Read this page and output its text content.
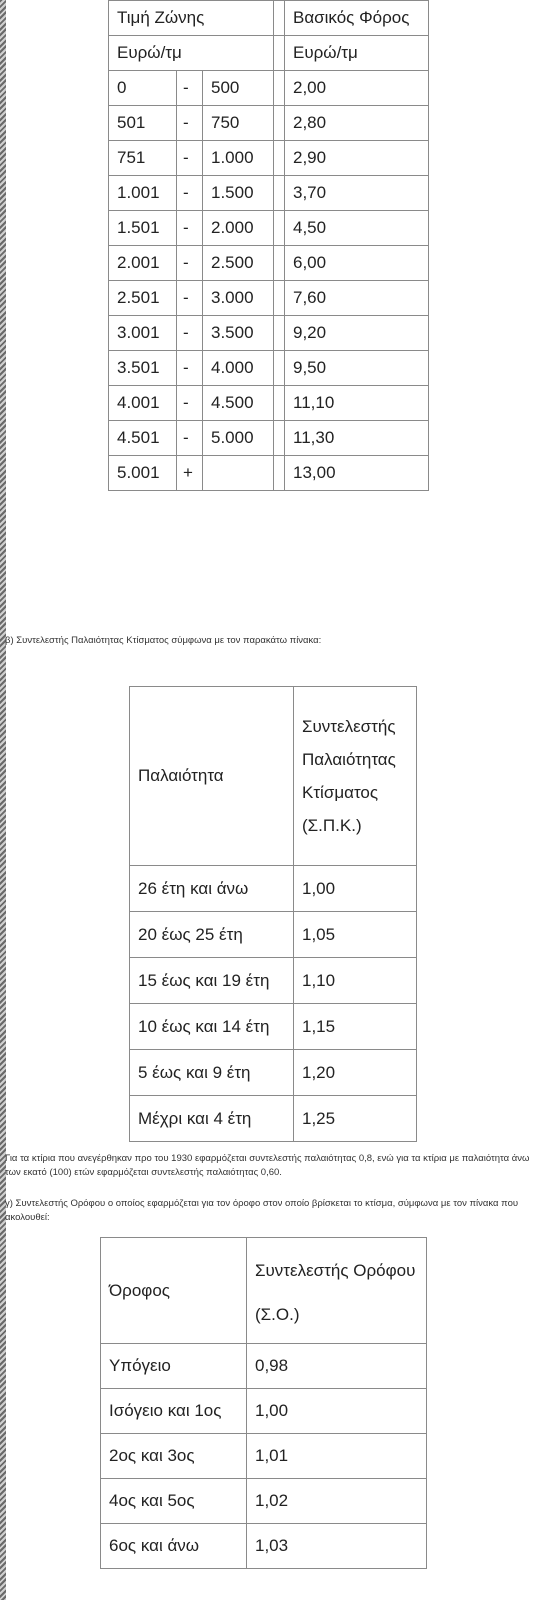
Τιμή Ζώνης				Βασικός Φόρος
Ευρώ/τμ				Ευρώ/τμ
0	-	500		2,00
501	-	750		2,80
751	-	1.000		2,90
1.001	-	1.500		3,70
1.501	-	2.000		4,50
2.001	-	2.500		6,00
2.501	-	3.000		7,60
3.001	-	3.500		9,20
3.501	-	4.000		9,50
4.001	-	4.500		11,10
4.501	-	5.000		11,30
5.001	+			13,00
β) Συντελεστής Παλαιότητας Κτίσματος σύμφωνα με τον παρακάτω πίνακα:
Παλαιότητα	Συντελεστής
Παλαιότητας
Κτίσματος
(Σ.Π.Κ.)

26 έτη και άνω	1,00
20 έως 25 έτη	1,05
15 έως και 19 έτη	1,10
10 έως και 14 έτη	1,15
5 έως και 9 έτη	1,20
Μέχρι και 4 έτη	1,25
Για τα κτίρια που ανεγέρθηκαν προ του 1930 εφαρμόζεται συντελεστής παλαιότητας 0,8, ενώ για τα κτίρια με παλαιότητα άνω των εκατό (100) ετών εφαρμόζεται συντελεστής παλαιότητας 0,60.
γ) Συντελεστής Ορόφου ο οποίος εφαρμόζεται για τον όροφο στον οποίο βρίσκεται το κτίσμα, σύμφωνα με τον πίνακα που ακολουθεί:
Όροφος	Συντελεστής Ορόφου
(Σ.Ο.)

Υπόγειο	0,98
Ισόγειο και 1ος	1,00
2ος και 3ος	1,01
4ος και 5ος	1,02
6ος και άνω	1,03
